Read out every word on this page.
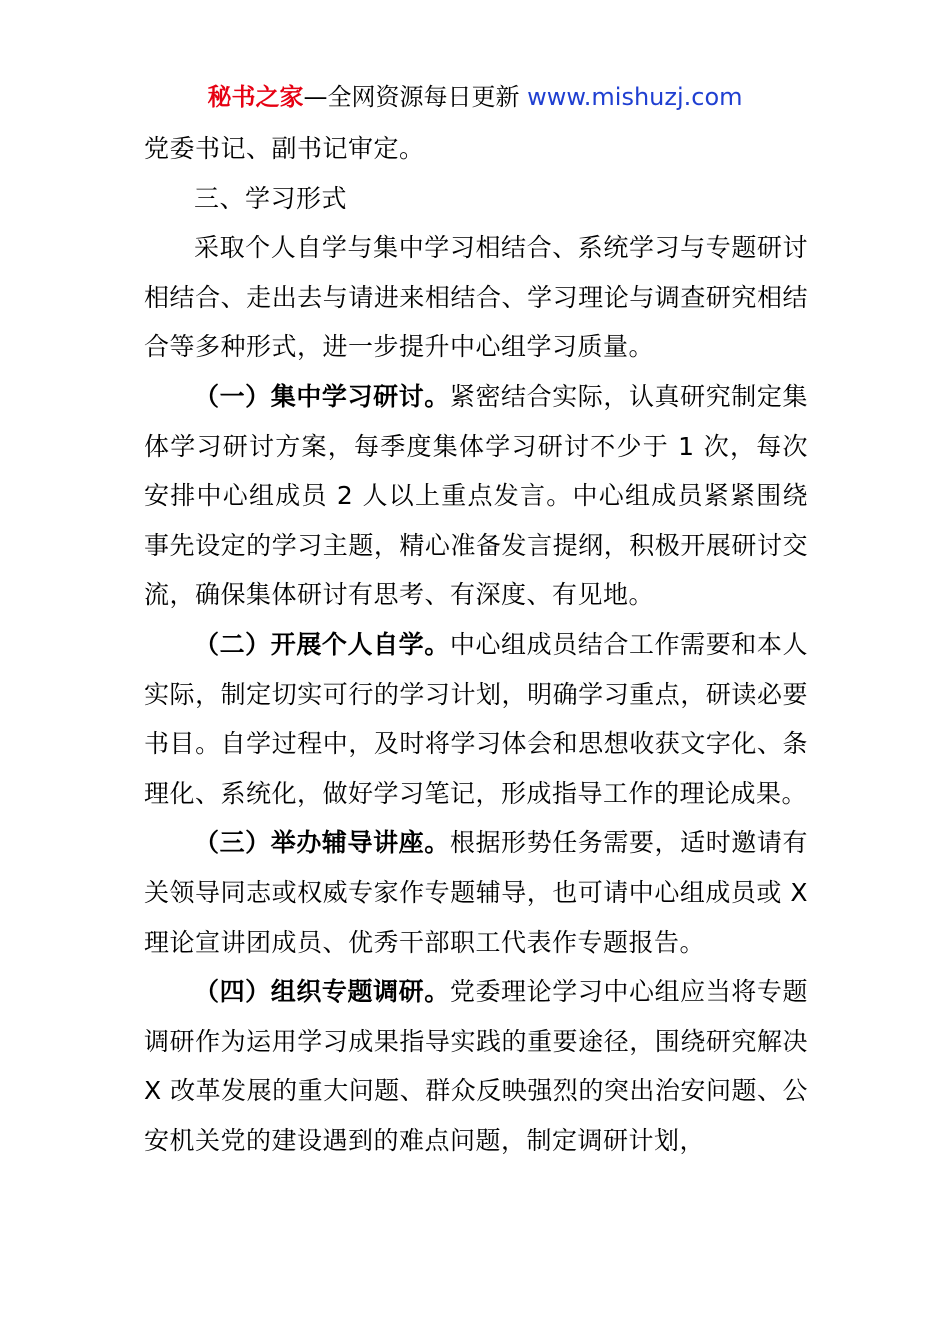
秘书之家—全网资源每日更新 www.mishuzj.com

党委书记、副书记审定。

三、学习形式

采取个人自学与集中学习相结合、系统学习与专题研讨相结合、走出去与请进来相结合、学习理论与调查研究相结合等多种形式，进一步提升中心组学习质量。

（一）集中学习研讨。紧密结合实际，认真研究制定集体学习研讨方案，每季度集体学习研讨不少于 1 次，每次安排中心组成员 2 人以上重点发言。中心组成员紧紧围绕事先设定的学习主题，精心准备发言提纲，积极开展研讨交流，确保集体研讨有思考、有深度、有见地。

（二）开展个人自学。中心组成员结合工作需要和本人实际，制定切实可行的学习计划，明确学习重点，研读必要书目。自学过程中，及时将学习体会和思想收获文字化、条理化、系统化，做好学习笔记，形成指导工作的理论成果。

（三）举办辅导讲座。根据形势任务需要，适时邀请有关领导同志或权威专家作专题辅导，也可请中心组成员或 X 理论宣讲团成员、优秀干部职工代表作专题报告。

（四）组织专题调研。党委理论学习中心组应当将专题调研作为运用学习成果指导实践的重要途径，围绕研究解决 X 改革发展的重大问题、群众反映强烈的突出治安问题、公安机关党的建设遇到的难点问题，制定调研计划，
